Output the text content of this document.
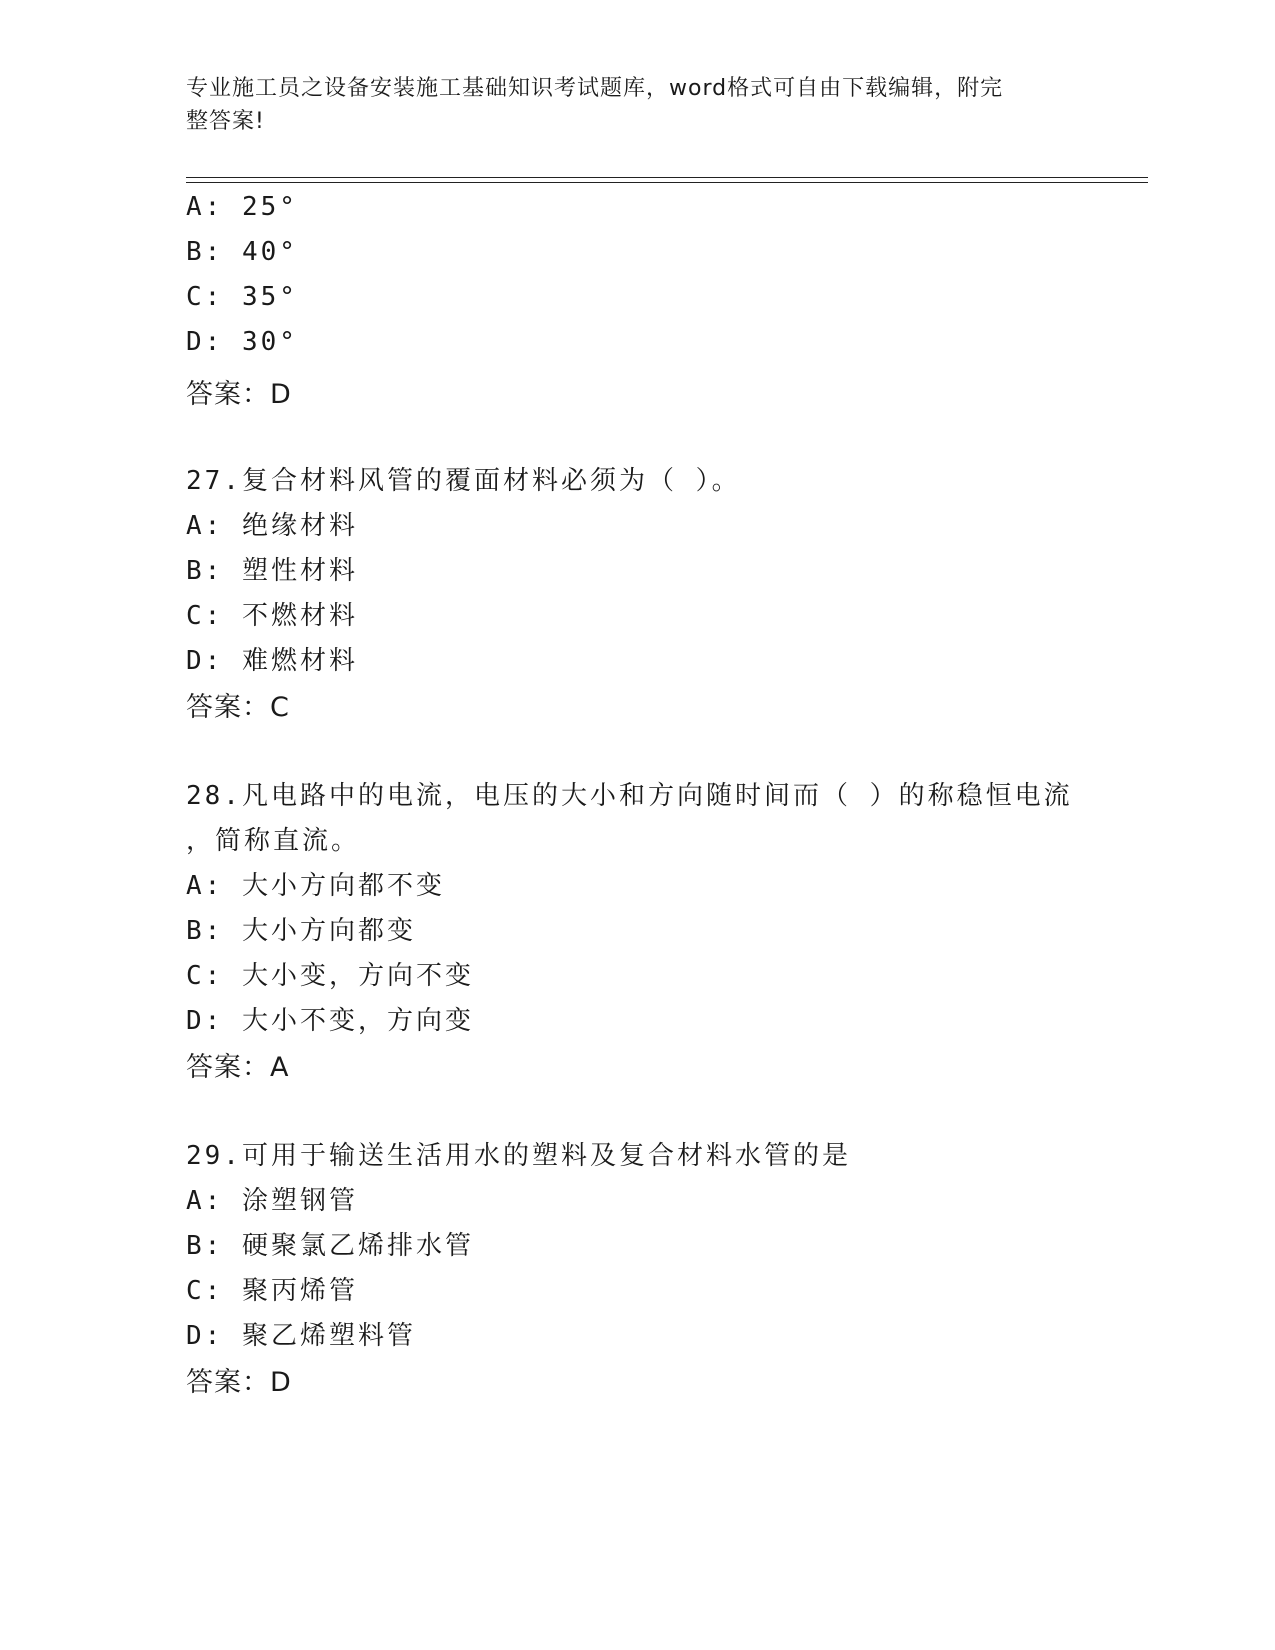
专业施工员之设备安装施工基础知识考试题库，word格式可自由下载编辑，附完
整答案!
A: 25°
B: 40°
C: 35°
D: 30°
答案：D
27.复合材料风管的覆面材料必须为（ ）。
A: 绝缘材料
B: 塑性材料
C: 不燃材料
D: 难燃材料
答案：C
28.凡电路中的电流，电压的大小和方向随时间而（ ）的称稳恒电流
，简称直流。
A: 大小方向都不变
B: 大小方向都变
C: 大小变，方向不变
D: 大小不变，方向变
答案：A
29.可用于输送生活用水的塑料及复合材料水管的是
A: 涂塑钢管
B: 硬聚氯乙烯排水管
C: 聚丙烯管
D: 聚乙烯塑料管
答案：D
